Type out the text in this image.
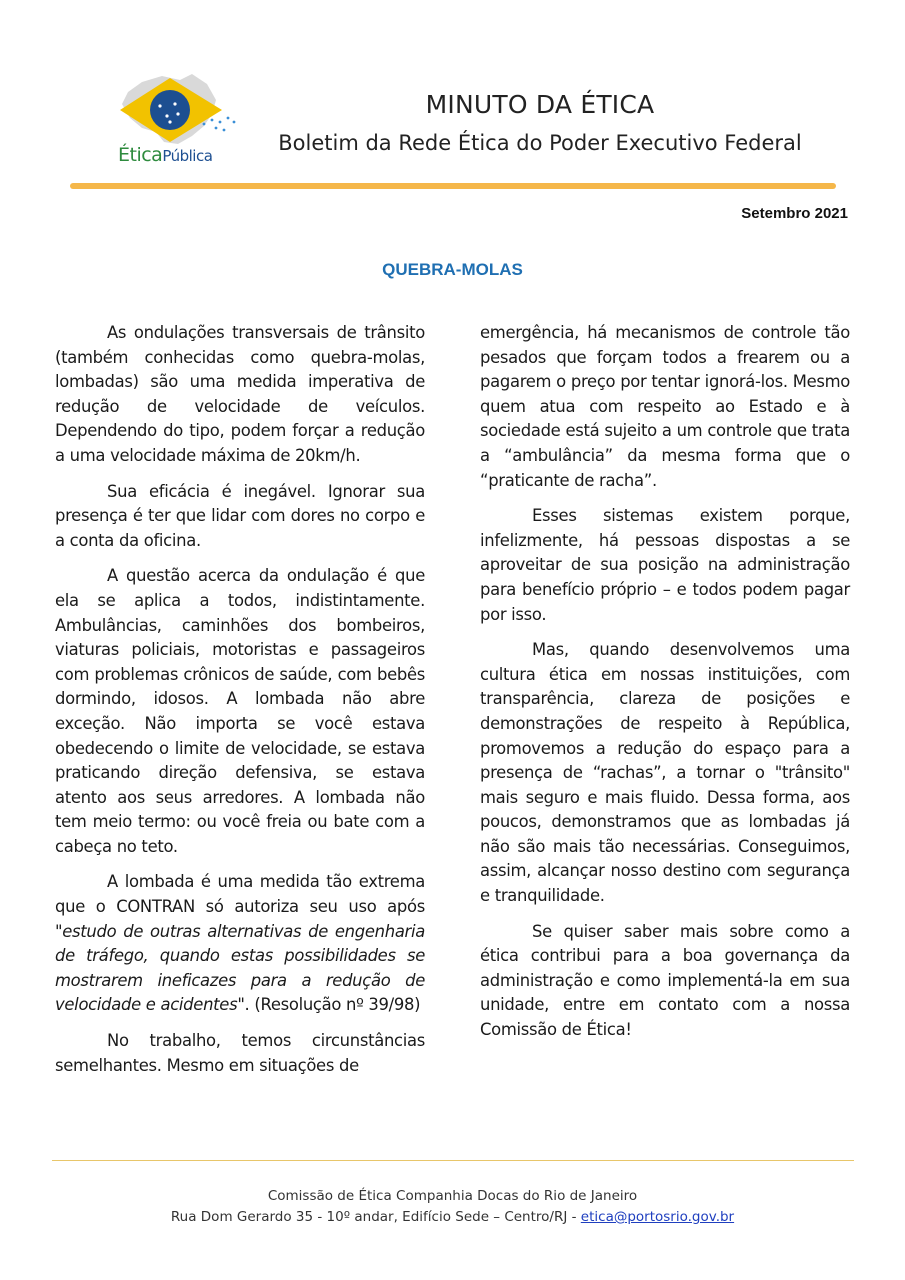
ÉticaPública
MINUTO DA ÉTICA
Boletim da Rede Ética do Poder Executivo Federal
Setembro 2021
QUEBRA-MOLAS

As ondulações transversais de trânsito (também conhecidas como quebra-molas, lombadas) são uma medida imperativa de redução de velocidade de veículos. Dependendo do tipo, podem forçar a redução a uma velocidade máxima de 20km/h.

Sua eficácia é inegável. Ignorar sua presença é ter que lidar com dores no corpo e a conta da oficina.

A questão acerca da ondulação é que ela se aplica a todos, indistintamente. Ambulâncias, caminhões dos bombeiros, viaturas policiais, motoristas e passageiros com problemas crônicos de saúde, com bebês dormindo, idosos. A lombada não abre exceção. Não importa se você estava obedecendo o limite de velocidade, se estava praticando direção defensiva, se estava atento aos seus arredores. A lombada não tem meio termo: ou você freia ou bate com a cabeça no teto.

A lombada é uma medida tão extrema que o CONTRAN só autoriza seu uso após "estudo de outras alternativas de engenharia de tráfego, quando estas possibilidades se mostrarem ineficazes para a redução de velocidade e acidentes". (Resolução nº 39/98)

No trabalho, temos circunstâncias semelhantes. Mesmo em situações de

emergência, há mecanismos de controle tão pesados que forçam todos a frearem ou a pagarem o preço por tentar ignorá-los. Mesmo quem atua com respeito ao Estado e à sociedade está sujeito a um controle que trata a “ambulância” da mesma forma que o “praticante de racha”.

Esses sistemas existem porque, infelizmente, há pessoas dispostas a se aproveitar de sua posição na administração para benefício próprio – e todos podem pagar por isso.

Mas, quando desenvolvemos uma cultura ética em nossas instituições, com transparência, clareza de posições e demonstrações de respeito à República, promovemos a redução do espaço para a presença de “rachas”, a tornar o "trânsito" mais seguro e mais fluido. Dessa forma, aos poucos, demonstramos que as lombadas já não são mais tão necessárias. Conseguimos, assim, alcançar nosso destino com segurança e tranquilidade.

Se quiser saber mais sobre como a ética contribui para a boa governança da administração e como implementá-la em sua unidade, entre em contato com a nossa Comissão de Ética!

Comissão de Ética Companhia Docas do Rio de Janeiro
Rua Dom Gerardo 35 - 10º andar, Edifício Sede – Centro/RJ - etica@portosrio.gov.br
